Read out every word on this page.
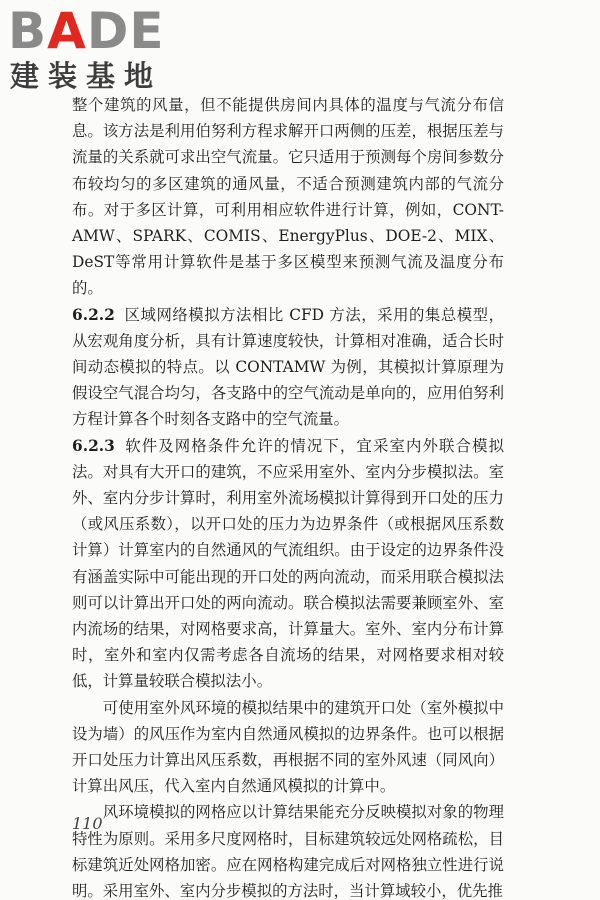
BADE
建装基地

整个建筑的风量，但不能提供房间内具体的温度与气流分布信息。该方法是利用伯努利方程求解开口两侧的压差，根据压差与流量的关系就可求出空气流量。它只适用于预测每个房间参数分布较均匀的多区建筑的通风量，不适合预测建筑内部的气流分布。对于多区计算，可利用相应软件进行计算，例如，CONT-AMW、SPARK、COMIS、EnergyPlus、DOE-2、MIX、DeST等常用计算软件是基于多区模型来预测气流及温度分布的。

6.2.2 区域网络模拟方法相比 CFD 方法，采用的集总模型，从宏观角度分析，具有计算速度较快，计算相对准确，适合长时间动态模拟的特点。以 CONTAMW 为例，其模拟计算原理为假设空气混合均匀，各支路中的空气流动是单向的，应用伯努利方程计算各个时刻各支路中的空气流量。

6.2.3 软件及网格条件允许的情况下，宜采室内外联合模拟法。对具有大开口的建筑，不应采用室外、室内分步模拟法。室外、室内分步计算时，利用室外流场模拟计算得到开口处的压力（或风压系数），以开口处的压力为边界条件（或根据风压系数计算）计算室内的自然通风的气流组织。由于设定的边界条件没有涵盖实际中可能出现的开口处的两向流动，而采用联合模拟法则可以计算出开口处的两向流动。联合模拟法需要兼顾室外、室内流场的结果，对网格要求高，计算量大。室外、室内分布计算时，室外和室内仅需考虑各自流场的结果，对网格要求相对较低，计算量较联合模拟法小。

可使用室外风环境的模拟结果中的建筑开口处（室外模拟中设为墙）的风压作为室内自然通风模拟的边界条件。也可以根据开口处压力计算出风压系数，再根据不同的室外风速（同风向）计算出风压，代入室内自然通风模拟的计算中。

风环境模拟的网格应以计算结果能充分反映模拟对象的物理特性为原则。采用多尺度网格时，目标建筑较远处网格疏松，目标建筑近处网格加密。应在网格构建完成后对网格独立性进行说明。采用室外、室内分步模拟的方法时，当计算域较小，优先推

110
